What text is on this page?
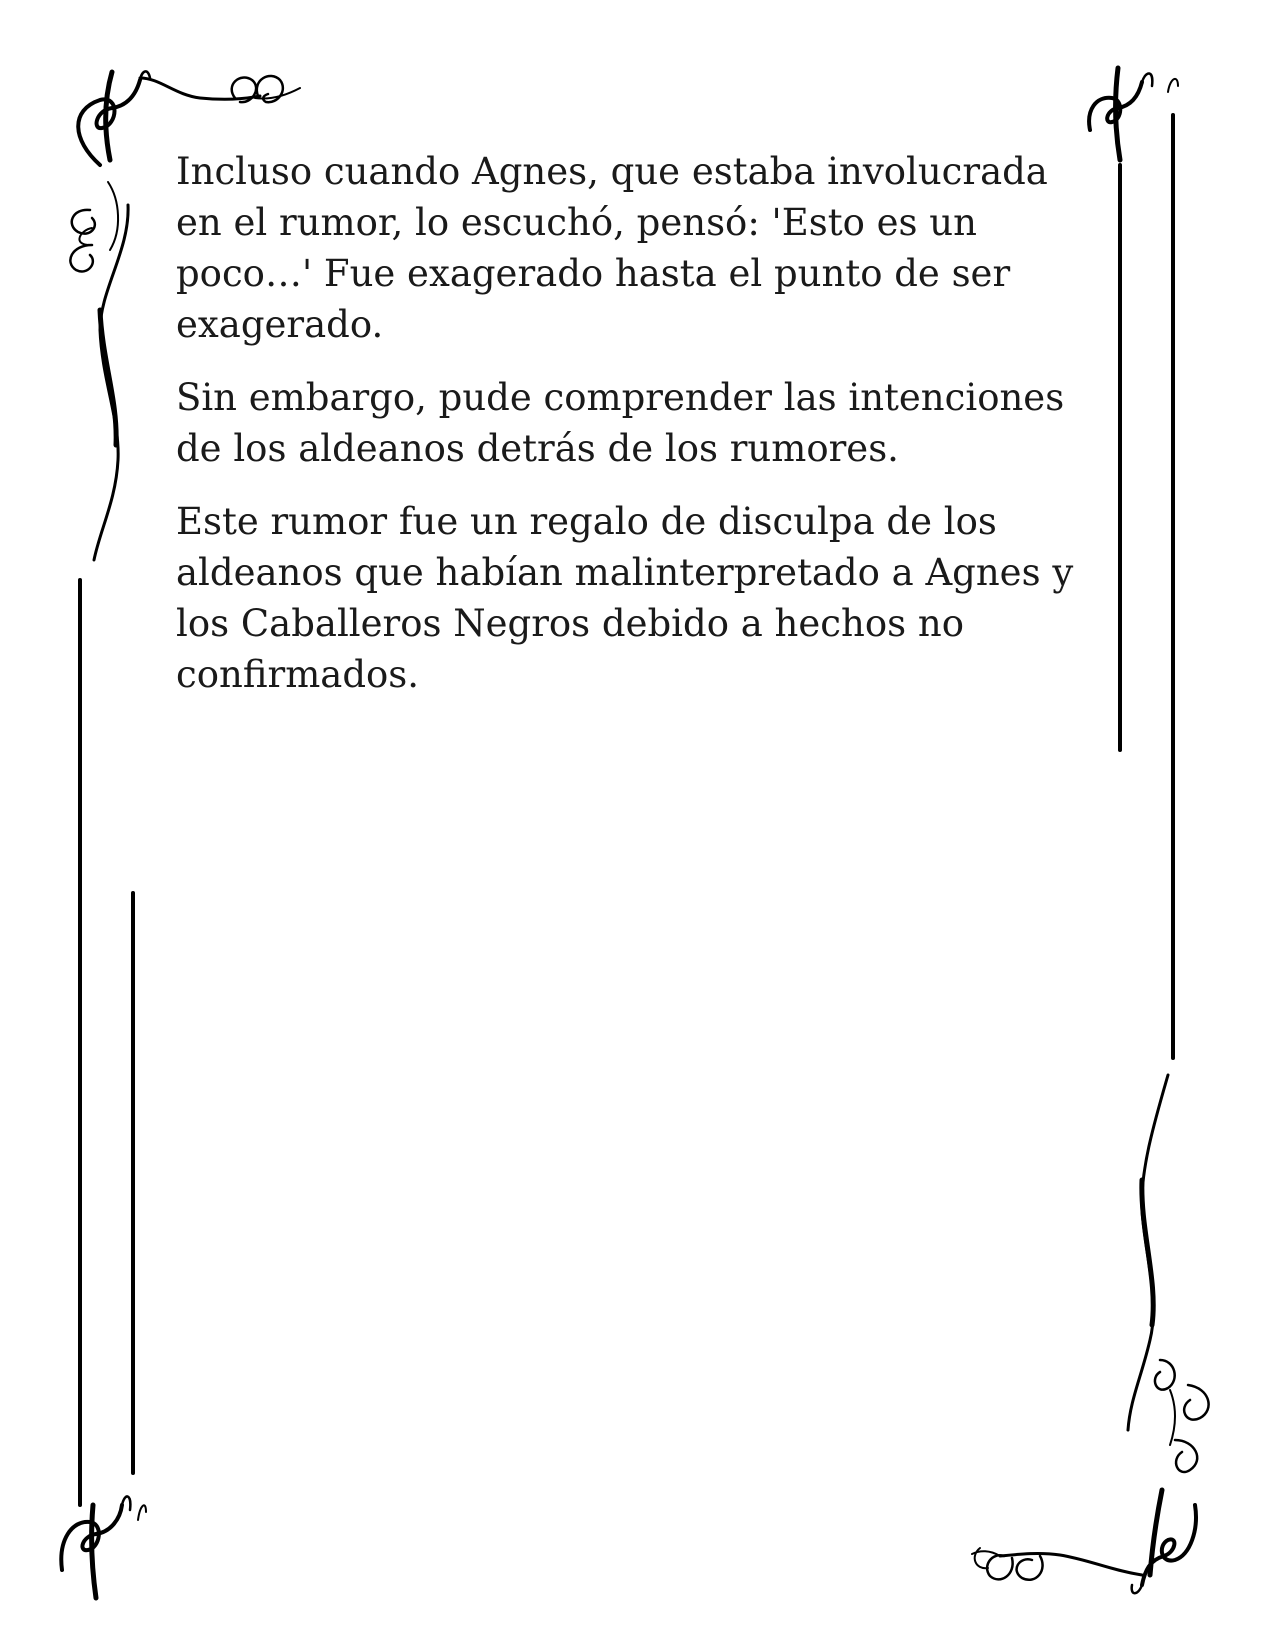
Incluso cuando Agnes, que estaba involucrada en el rumor, lo escuchó, pensó: 'Esto es un poco…' Fue exagerado hasta el punto de ser exagerado.

Sin embargo, pude comprender las intenciones de los aldeanos detrás de los rumores.

Este rumor fue un regalo de disculpa de los aldeanos que habían malinterpretado a Agnes y los Caballeros Negros debido a hechos no confirmados.
